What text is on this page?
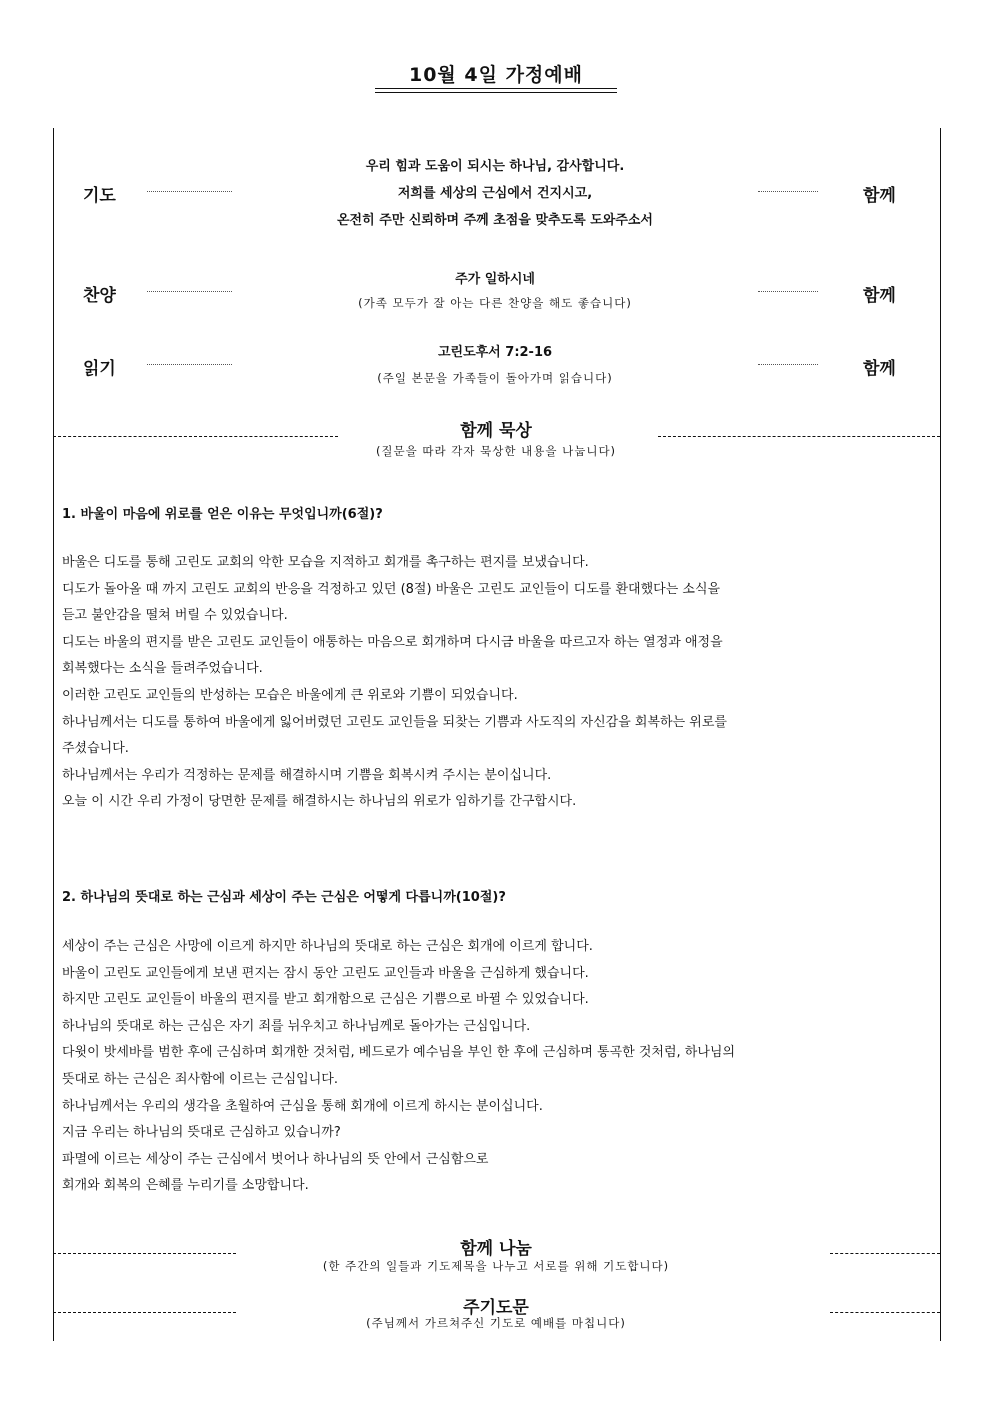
10월 4일 가정예배
기도
우리 힘과 도움이 되시는 하나님, 감사합니다.
저희를 세상의 근심에서 건지시고,
온전히 주만 신뢰하며 주께 초점을 맞추도록 도와주소서
함께
찬양
주가 일하시네
(가족 모두가 잘 아는 다른 찬양을 해도 좋습니다)	함께
읽기
고린도후서 7:2-16
(주일 본문을 가족들이 돌아가며 읽습니다)	함께
함께 묵상
(질문을 따라 각자 묵상한 내용을 나눕니다)
1. 바울이 마음에 위로를 얻은 이유는 무엇입니까(6절)?

바울은 디도를 통해 고린도 교회의 악한 모습을 지적하고 회개를 촉구하는 편지를 보냈습니다.

디도가 돌아올 때 까지 고린도 교회의 반응을 걱정하고 있던 (8절) 바울은 고린도 교인들이 디도를 환대했다는 소식을

듣고 불안감을 떨쳐 버릴 수 있었습니다.

디도는 바울의 편지를 받은 고린도 교인들이 애통하는 마음으로 회개하며 다시금 바울을 따르고자 하는 열정과 애정을

회복했다는 소식을 들려주었습니다.

이러한 고린도 교인들의 반성하는 모습은 바울에게 큰 위로와 기쁨이 되었습니다.

하나님께서는 디도를 통하여 바울에게 잃어버렸던 고린도 교인들을 되찾는 기쁨과 사도직의 자신감을 회복하는 위로를

주셨습니다.

하나님께서는 우리가 걱정하는 문제를 해결하시며 기쁨을 회복시켜 주시는 분이십니다.

오늘 이 시간 우리 가정이 당면한 문제를 해결하시는 하나님의 위로가 임하기를 간구합시다.

2. 하나님의 뜻대로 하는 근심과 세상이 주는 근심은 어떻게 다릅니까(10절)?

세상이 주는 근심은 사망에 이르게 하지만 하나님의 뜻대로 하는 근심은 회개에 이르게 합니다.

바울이 고린도 교인들에게 보낸 편지는 잠시 동안 고린도 교인들과 바울을 근심하게 했습니다.

하지만 고린도 교인들이 바울의 편지를 받고 회개함으로 근심은 기쁨으로 바뀔 수 있었습니다.

하나님의 뜻대로 하는 근심은 자기 죄를 뉘우치고 하나님께로 돌아가는 근심입니다.

다윗이 밧세바를 범한 후에 근심하며 회개한 것처럼, 베드로가 예수님을 부인 한 후에 근심하며 통곡한 것처럼, 하나님의

뜻대로 하는 근심은 죄사함에 이르는 근심입니다.

하나님께서는 우리의 생각을 초월하여 근심을 통해 회개에 이르게 하시는 분이십니다.

지금 우리는 하나님의 뜻대로 근심하고 있습니까?

파멸에 이르는 세상이 주는 근심에서 벗어나 하나님의 뜻 안에서 근심함으로

회개와 회복의 은혜를 누리기를 소망합니다.

함께 나눔
(한 주간의 일들과 기도제목을 나누고 서로를 위해 기도합니다)
주기도문
(주님께서 가르쳐주신 기도로 예배를 마칩니다)
